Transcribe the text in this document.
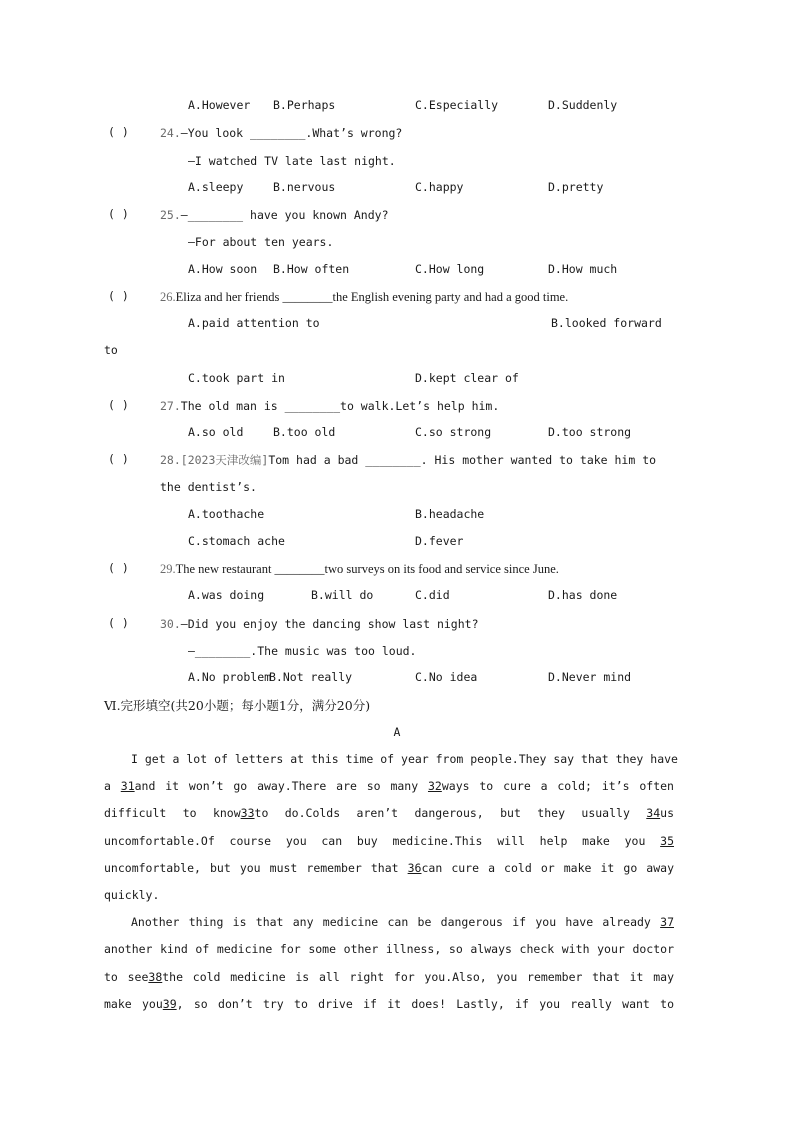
A.However B.Perhaps	C.Especially	D.Suddenly
( )	24.—You look ________.What’s wrong?
—I watched TV late last night.
A.sleepy	B.nervous	C.happy	D.pretty
( )	25.—________ have you known Andy?
—For about ten years.
A.How soon B.How often	C.How long	D.How much
( ) 26.Eliza and her friends ________the English evening party and had a good time.
A.paid attention to	B.looked forward
to
C.took part in	D.kept clear of
( )	27.The old man is ________to walk.Let’s help him.
A.so old	B.too old	C.so strong	D.too strong
( )	28.[2023天津改编]Tom had a bad ________. His mother wanted to take him to
the dentist’s.
A.toothache	B.headache
C.stomach ache	D.fever
( ) 29.The new restaurant ________two surveys on its food and service since June.
A.was doing	B.will do	C.did	D.has done
( )	30.—Did you enjoy the dancing show last night?
—________.The music was too loud.
A.No problem
B.Not really	C.No idea	D.Never mind
Ⅵ.完形填空(共20小题；每小题1分，满分20分)
A
I get a lot of letters at this time of year from people.They say that they have
a 31and it won’t go away.There are so many 32ways to cure a cold; it’s often
difficult to know33to do.Colds aren’t dangerous, but they usually 34us
uncomfortable.Of course you can buy medicine.This will help make you 35
uncomfortable, but you must remember that 36can cure a cold or make it go away
quickly.
Another thing is that any medicine can be dangerous if you have already 37
another kind of medicine for some other illness, so always check with your doctor
to see38the cold medicine is all right for you.Also, you remember that it may
make you39, so don’t try to drive if it does! Lastly, if you really want to
